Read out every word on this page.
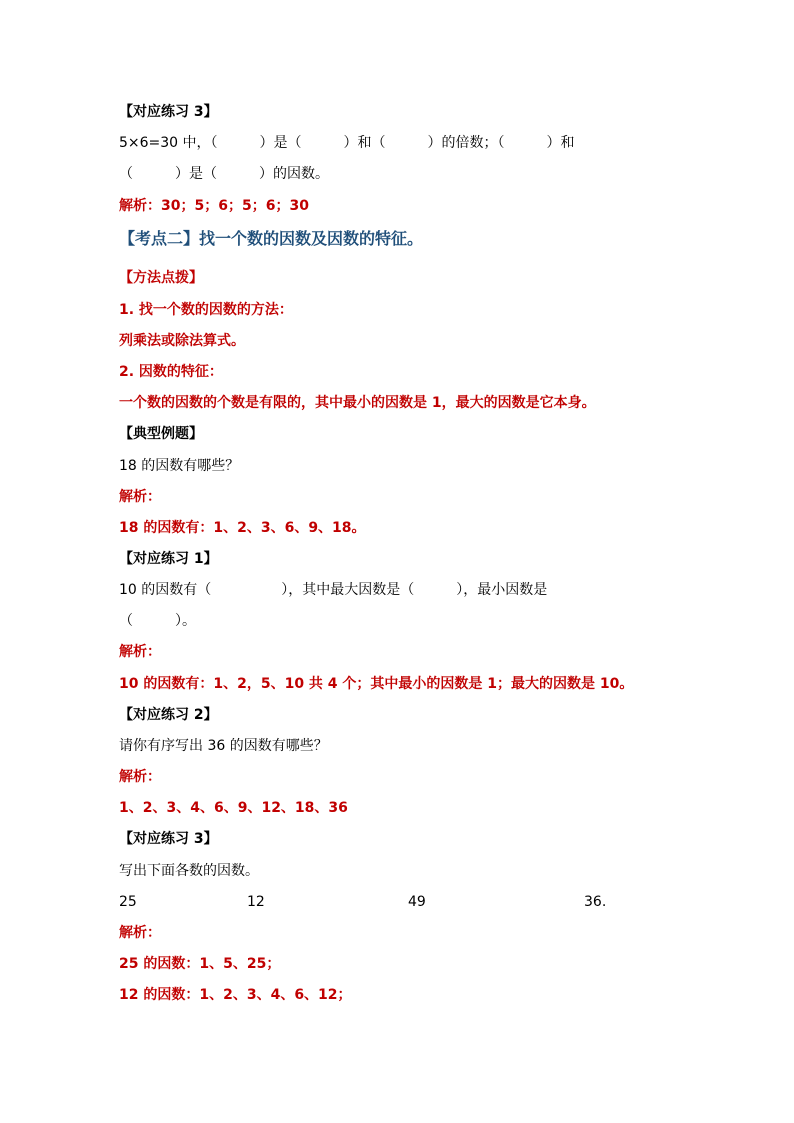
【对应练习 3】
5×6=30 中，（　　　）是（　　　）和（　　　）的倍数；（　　　）和
（　　　）是（　　　）的因数。
解析：30；5；6；5；6；30
【考点二】找一个数的因数及因数的特征。
【方法点拨】
1. 找一个数的因数的方法：
列乘法或除法算式。
2. 因数的特征：
一个数的因数的个数是有限的，其中最小的因数是 1，最大的因数是它本身。
【典型例题】
18 的因数有哪些？
解析：
18 的因数有：1、2、3、6、9、18。
【对应练习 1】
10 的因数有（　　　　　），其中最大因数是（　　　），最小因数是
（　　　）。
解析：
10 的因数有：1、2，5、10 共 4 个；其中最小的因数是 1；最大的因数是 10。
【对应练习 2】
请你有序写出 36 的因数有哪些？
解析：
1、2、3、4、6、9、12、18、36
【对应练习 3】
写出下面各数的因数。
25	12	49	36.
解析：
25 的因数：1、5、25；
12 的因数：1、2、3、4、6、12；
